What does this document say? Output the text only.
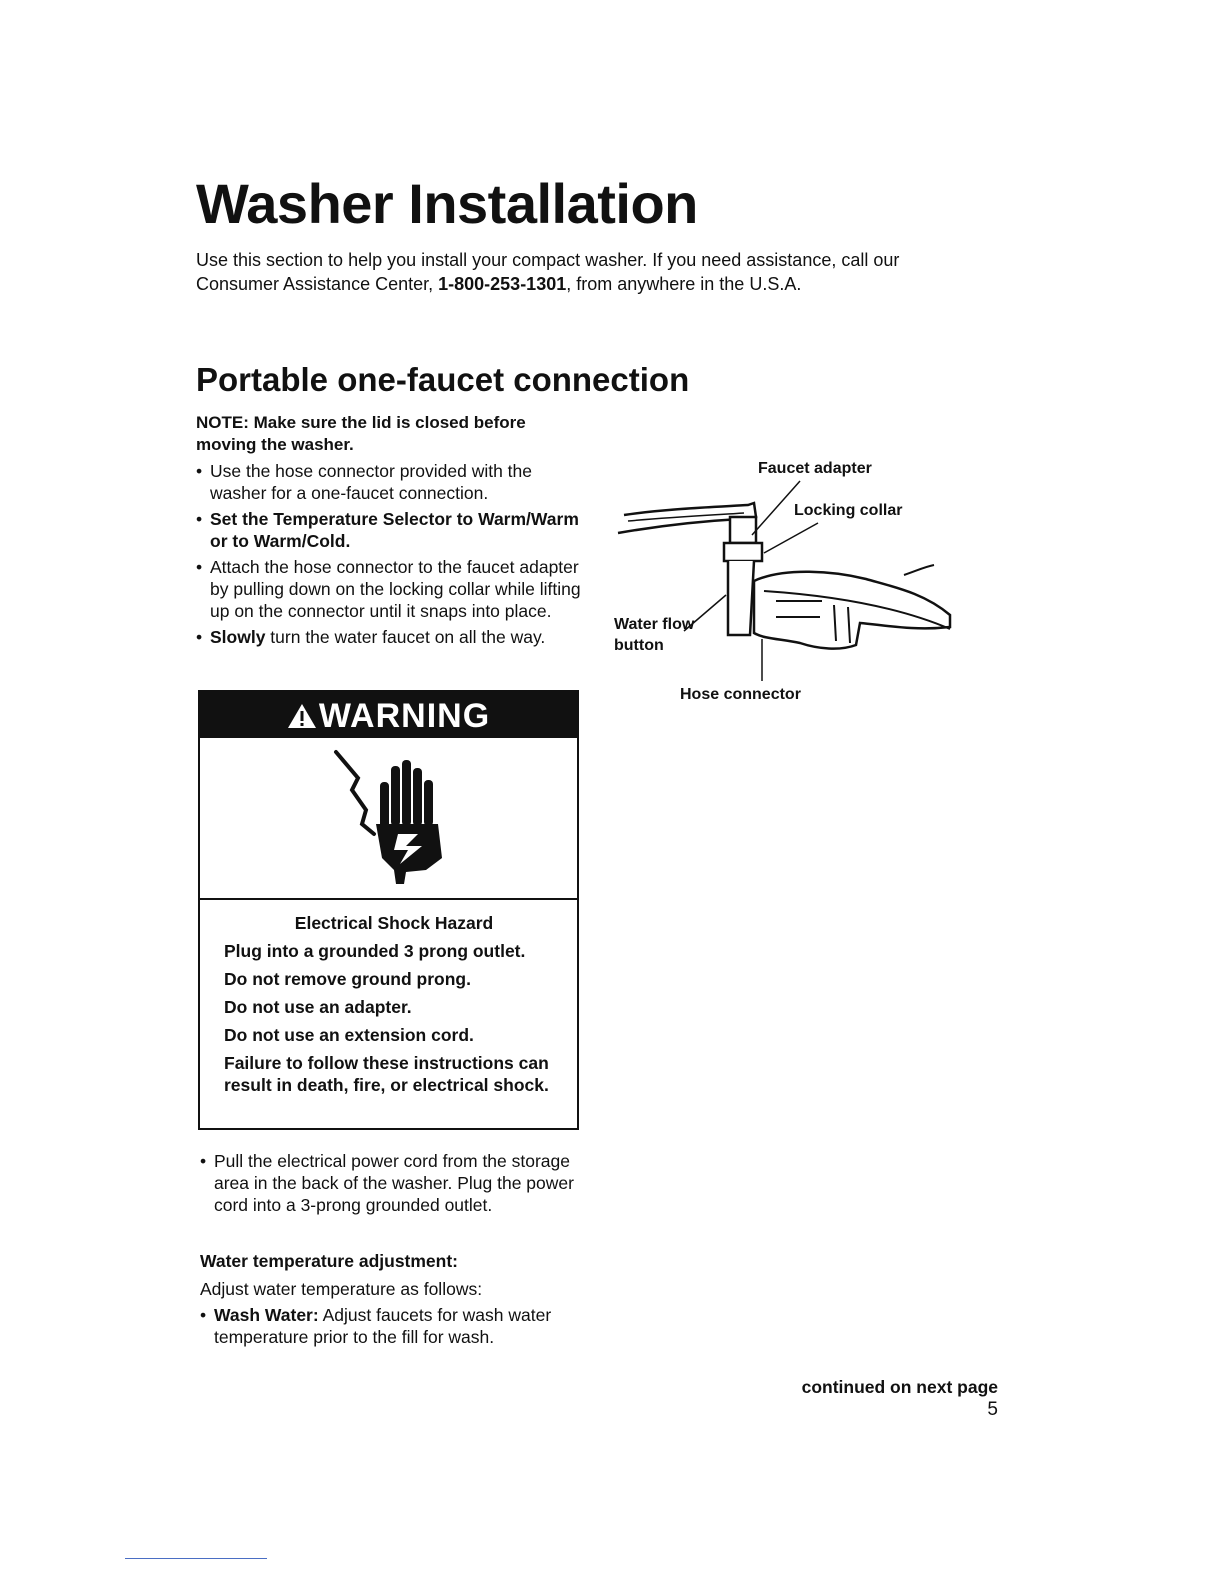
Washer Installation

Use this section to help you install your compact washer. If you need assistance, call our Consumer Assistance Center, 1-800-253-1301, from anywhere in the U.S.A.

Portable one-faucet connection

NOTE: Make sure the lid is closed before moving the washer.

• Use the hose connector provided with the washer for a one-faucet connection.
• Set the Temperature Selector to Warm/Warm or to Warm/Cold.
• Attach the hose connector to the faucet adapter by pulling down on the locking collar while lifting up on the connector until it snaps into place.
• Slowly turn the water faucet on all the way.
WARNING

Electrical Shock Hazard

Plug into a grounded 3 prong outlet.

Do not remove ground prong.

Do not use an adapter.

Do not use an extension cord.

Failure to follow these instructions can result in death, fire, or electrical shock.

Faucet adapter
Locking collar
Water flow
button
Hose connector
• Pull the electrical power cord from the storage area in the back of the washer. Plug the power cord into a 3-prong grounded outlet.

Water temperature adjustment:

Adjust water temperature as follows:

• Wash Water: Adjust faucets for wash water temperature prior to the fill for wash.
continued on next page
5
